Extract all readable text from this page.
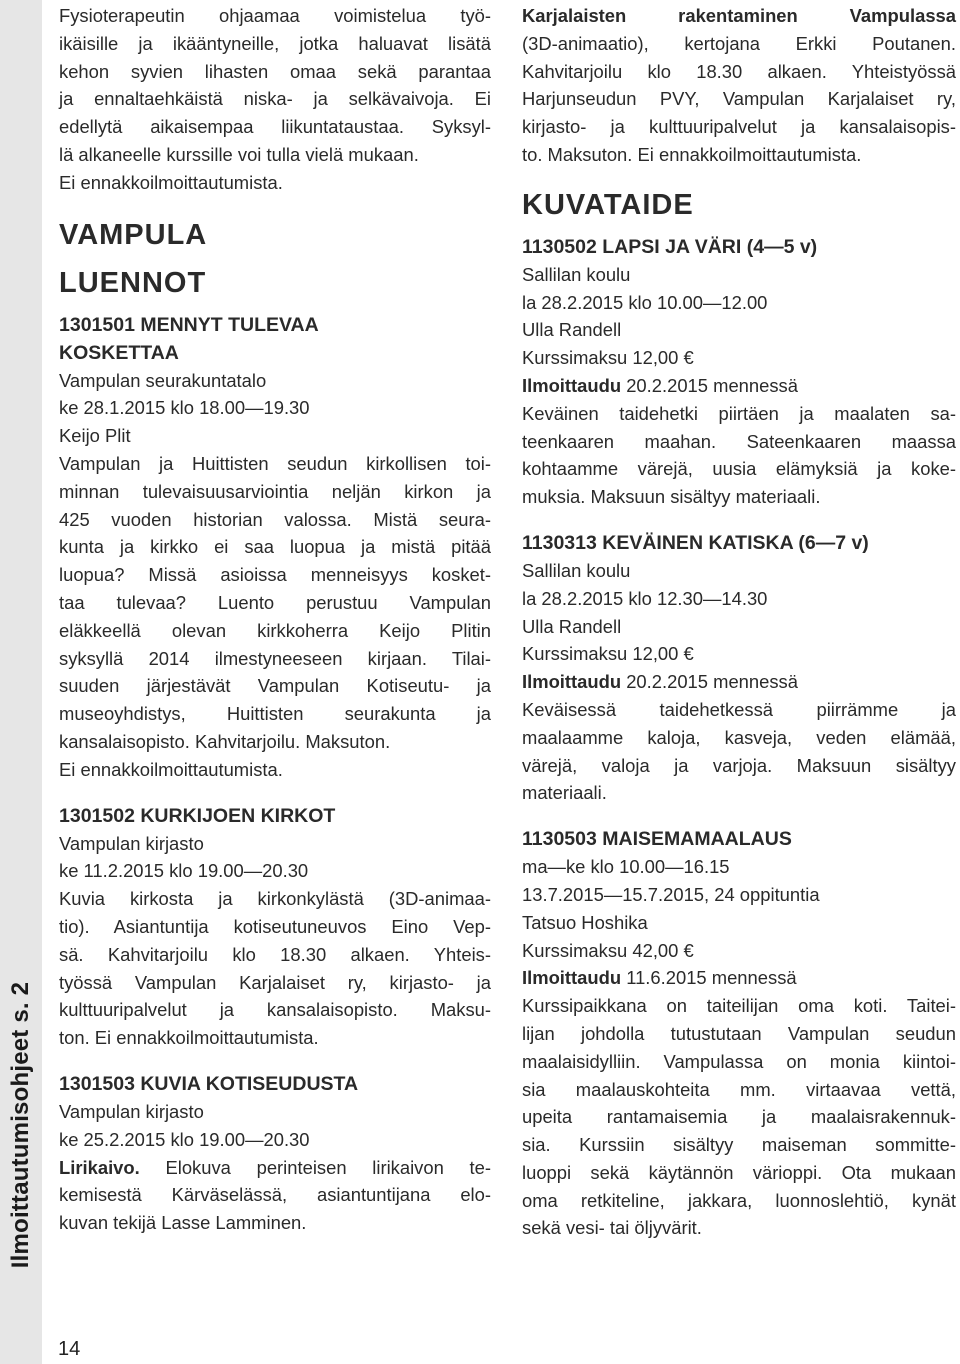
Ilmoittautumisohjeet s. 2
14
Fysioterapeutin ohjaamaa voimistelua työ-
ikäisille ja ikääntyneille, jotka haluavat lisätä
kehon syvien lihasten omaa sekä parantaa
ja ennaltaehkäistä niska- ja selkävaivoja. Ei
edellytä aikaisempaa liikuntataustaa. Syksyl-
lä alkaneelle kurssille voi tulla vielä mukaan.
Ei ennakkoilmoittautumista.
VAMPULA
LUENNOT
1301501 MENNYT TULEVAA
KOSKETTAA
Vampulan seurakuntatalo
ke 28.1.2015 klo 18.00—19.30
Keijo Plit
Vampulan ja Huittisten seudun kirkollisen toi-
minnan tulevaisuusarviointia neljän kirkon ja
425 vuoden historian valossa. Mistä seura-
kunta ja kirkko ei saa luopua ja mistä pitää
luopua? Missä asioissa menneisyys kosket-
taa tulevaa? Luento perustuu Vampulan
eläkkeellä olevan kirkkoherra Keijo Plitin
syksyllä 2014 ilmestyneeseen kirjaan. Tilai-
suuden järjestävät Vampulan Kotiseutu- ja
museoyhdistys, Huittisten seurakunta ja
kansalaisopisto. Kahvitarjoilu. Maksuton.
Ei ennakkoilmoittautumista.
1301502 KURKIJOEN KIRKOT
Vampulan kirjasto
ke 11.2.2015 klo 19.00—20.30
Kuvia kirkosta ja kirkonkylästä (3D-animaa-
tio). Asiantuntija kotiseutuneuvos Eino Vep-
sä. Kahvitarjoilu klo 18.30 alkaen. Yhteis-
työssä Vampulan Karjalaiset ry, kirjasto- ja
kulttuuripalvelut ja kansalaisopisto. Maksu-
ton. Ei ennakkoilmoittautumista.
1301503 KUVIA KOTISEUDUSTA
Vampulan kirjasto
ke 25.2.2015 klo 19.00—20.30
Lirikaivo. Elokuva perinteisen lirikaivon te-
kemisestä Kärväselässä, asiantuntijana elo-
kuvan tekijä Lasse Lamminen.
Karjalaisten rakentaminen Vampulassa
(3D-animaatio), kertojana Erkki Poutanen.
Kahvitarjoilu klo 18.30 alkaen. Yhteistyössä
Harjunseudun PVY, Vampulan Karjalaiset ry,
kirjasto- ja kulttuuripalvelut ja kansalaisopis-
to. Maksuton. Ei ennakkoilmoittautumista.
KUVATAIDE
1130502 LAPSI JA VÄRI (4—5 v)
Sallilan koulu
la 28.2.2015 klo 10.00—12.00
Ulla Randell
Kurssimaksu 12,00 €
Ilmoittaudu 20.2.2015 mennessä
Keväinen taidehetki piirtäen ja maalaten sa-
teenkaaren maahan. Sateenkaaren maassa
kohtaamme värejä, uusia elämyksiä ja koke-
muksia. Maksuun sisältyy materiaali.
1130313 KEVÄINEN KATISKA (6—7 v)
Sallilan koulu
la 28.2.2015 klo 12.30—14.30
Ulla Randell
Kurssimaksu 12,00 €
Ilmoittaudu 20.2.2015 mennessä
Keväisessä taidehetkessä piirrämme ja
maalaamme kaloja, kasveja, veden elämää,
värejä, valoja ja varjoja. Maksuun sisältyy
materiaali.
1130503 MAISEMAMAALAUS
ma—ke klo 10.00—16.15
13.7.2015—15.7.2015, 24 oppituntia
Tatsuo Hoshika
Kurssimaksu 42,00 €
Ilmoittaudu 11.6.2015 mennessä
Kurssipaikkana on taiteilijan oma koti. Taitei-
lijan johdolla tutustutaan Vampulan seudun
maalaisidylliin. Vampulassa on monia kiintoi-
sia maalauskohteita mm. virtaavaa vettä,
upeita rantamaisemia ja maalaisrakennuk-
sia. Kurssiin sisältyy maiseman sommitte-
luoppi sekä käytännön värioppi. Ota mukaan
oma retkiteline, jakkara, luonnoslehtiö, kynät
sekä vesi- tai öljyvärit.
